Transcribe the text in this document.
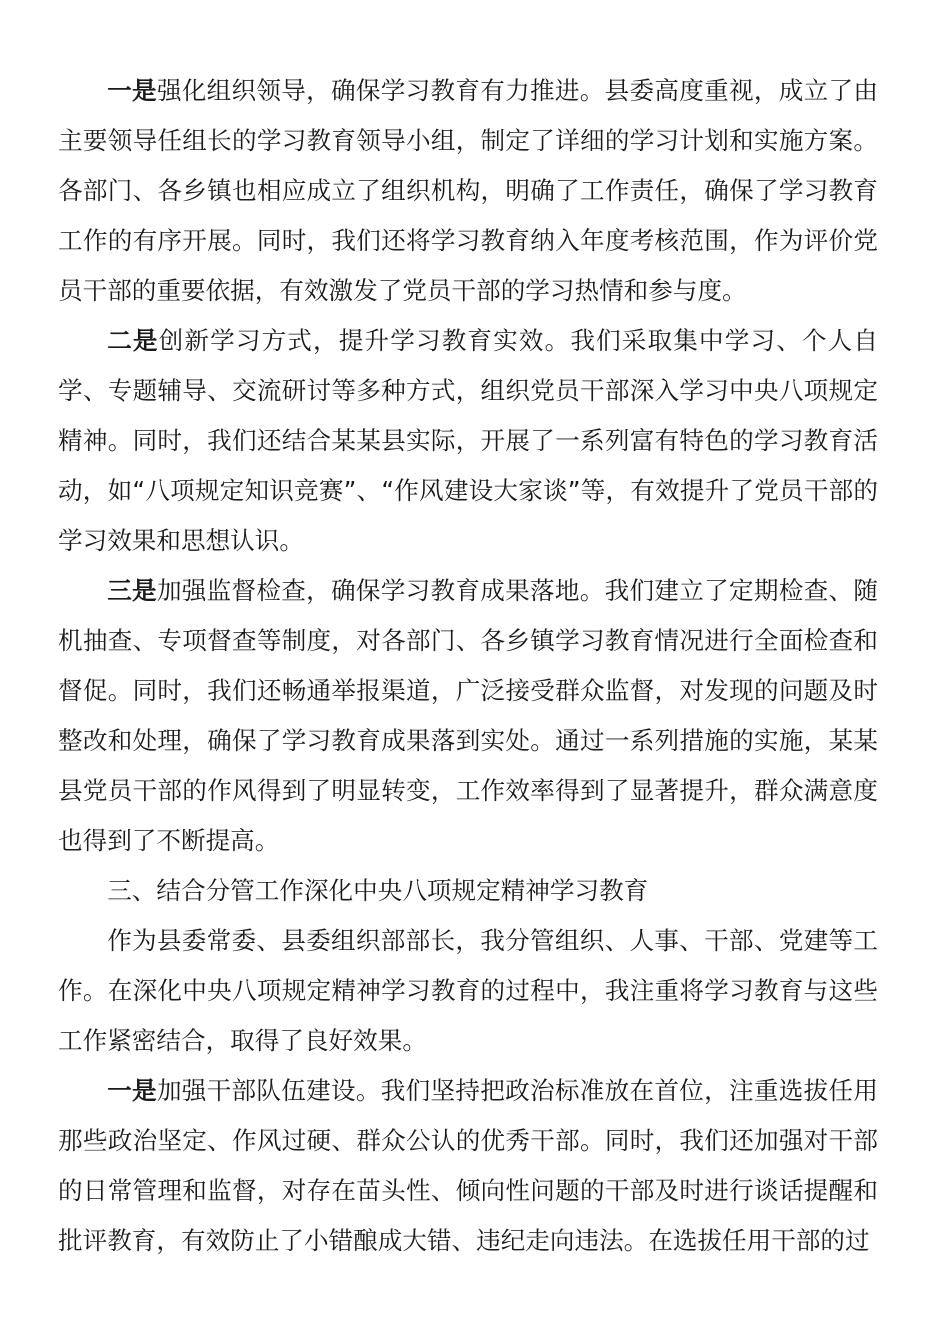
一是强化组织领导，确保学习教育有力推进。县委高度重视，成立了由主要领导任组长的学习教育领导小组，制定了详细的学习计划和实施方案。各部门、各乡镇也相应成立了组织机构，明确了工作责任，确保了学习教育工作的有序开展。同时，我们还将学习教育纳入年度考核范围，作为评价党员干部的重要依据，有效激发了党员干部的学习热情和参与度。

二是创新学习方式，提升学习教育实效。我们采取集中学习、个人自学、专题辅导、交流研讨等多种方式，组织党员干部深入学习中央八项规定精神。同时，我们还结合某某县实际，开展了一系列富有特色的学习教育活动，如“八项规定知识竞赛”、“作风建设大家谈”等，有效提升了党员干部的学习效果和思想认识。

三是加强监督检查，确保学习教育成果落地。我们建立了定期检查、随机抽查、专项督查等制度，对各部门、各乡镇学习教育情况进行全面检查和督促。同时，我们还畅通举报渠道，广泛接受群众监督，对发现的问题及时整改和处理，确保了学习教育成果落到实处。通过一系列措施的实施，某某县党员干部的作风得到了明显转变，工作效率得到了显著提升，群众满意度也得到了不断提高。

三、结合分管工作深化中央八项规定精神学习教育

作为县委常委、县委组织部部长，我分管组织、人事、干部、党建等工作。在深化中央八项规定精神学习教育的过程中，我注重将学习教育与这些工作紧密结合，取得了良好效果。

一是加强干部队伍建设。我们坚持把政治标准放在首位，注重选拔任用那些政治坚定、作风过硬、群众公认的优秀干部。同时，我们还加强对干部的日常管理和监督，对存在苗头性、倾向性问题的干部及时进行谈话提醒和批评教育，有效防止了小错酿成大错、违纪走向违法。在选拔任用干部的过
